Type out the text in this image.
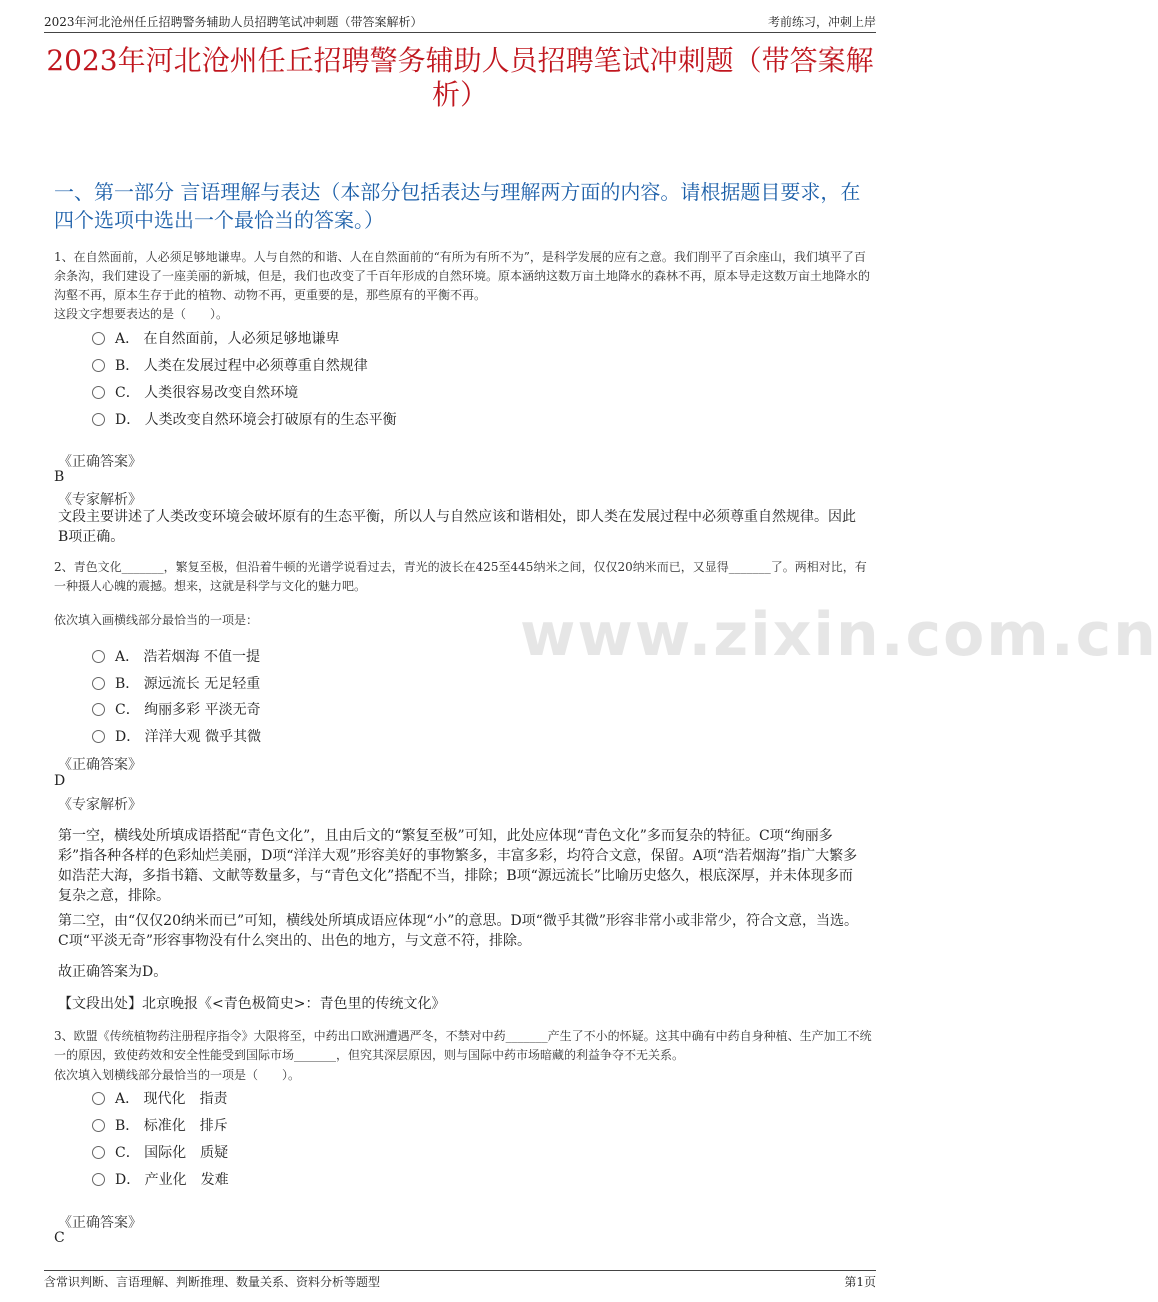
2023年河北沧州任丘招聘警务辅助人员招聘笔试冲刺题（带答案解析）	考前练习，冲刺上岸
www.zixin.com.cn
2023年河北沧州任丘招聘警务辅助人员招聘笔试冲刺题（带答案解析）
一、第一部分 言语理解与表达（本部分包括表达与理解两方面的内容。请根据题目要求，在四个选项中选出一个最恰当的答案。）
1、在自然面前，人必须足够地谦卑。人与自然的和谐、人在自然面前的“有所为有所不为”，是科学发展的应有之意。我们削平了百余座山，我们填平了百余条沟，我们建设了一座美丽的新城，但是，我们也改变了千百年形成的自然环境。原本涵纳这数万亩土地降水的森林不再，原本导走这数万亩土地降水的沟壑不再，原本生存于此的植物、动物不再，更重要的是，那些原有的平衡不再。
这段文字想要表达的是（　　）。
A． 在自然面前，人必须足够地谦卑
B． 人类在发展过程中必须尊重自然规律
C． 人类很容易改变自然环境
D． 人类改变自然环境会打破原有的生态平衡
《正确答案》
B
《专家解析》
文段主要讲述了人类改变环境会破坏原有的生态平衡，所以人与自然应该和谐相处，即人类在发展过程中必须尊重自然规律。因此B项正确。
2、青色文化_______，繁复至极，但沿着牛顿的光谱学说看过去，青光的波长在425至445纳米之间，仅仅20纳米而已，又显得_______了。两相对比，有一种摄人心魄的震撼。想来，这就是科学与文化的魅力吧。
依次填入画横线部分最恰当的一项是：
A． 浩若烟海 不值一提
B． 源远流长 无足轻重
C． 绚丽多彩 平淡无奇
D． 洋洋大观 微乎其微
《正确答案》
D
《专家解析》
第一空，横线处所填成语搭配“青色文化”，且由后文的“繁复至极”可知，此处应体现“青色文化”多而复杂的特征。C项“绚丽多彩”指各种各样的色彩灿烂美丽，D项“洋洋大观”形容美好的事物繁多，丰富多彩，均符合文意，保留。A项“浩若烟海”指广大繁多如浩茫大海，多指书籍、文献等数量多，与“青色文化”搭配不当，排除；B项“源远流长”比喻历史悠久，根底深厚，并未体现多而复杂之意，排除。
第二空，由“仅仅20纳米而已”可知，横线处所填成语应体现“小”的意思。D项“微乎其微”形容非常小或非常少，符合文意，当选。C项“平淡无奇”形容事物没有什么突出的、出色的地方，与文意不符，排除。
故正确答案为D。
【文段出处】北京晚报《<青色极简史>：青色里的传统文化》
3、欧盟《传统植物药注册程序指令》大限将至，中药出口欧洲遭遇严冬，不禁对中药_______产生了不小的怀疑。这其中确有中药自身种植、生产加工不统一的原因，致使药效和安全性能受到国际市场_______，但究其深层原因，则与国际中药市场暗藏的利益争夺不无关系。
依次填入划横线部分最恰当的一项是（　　）。
A． 现代化　指责
B． 标准化　排斥
C． 国际化　质疑
D． 产业化　发难
《正确答案》
C
含常识判断、言语理解、判断推理、数量关系、资料分析等题型	第1页
